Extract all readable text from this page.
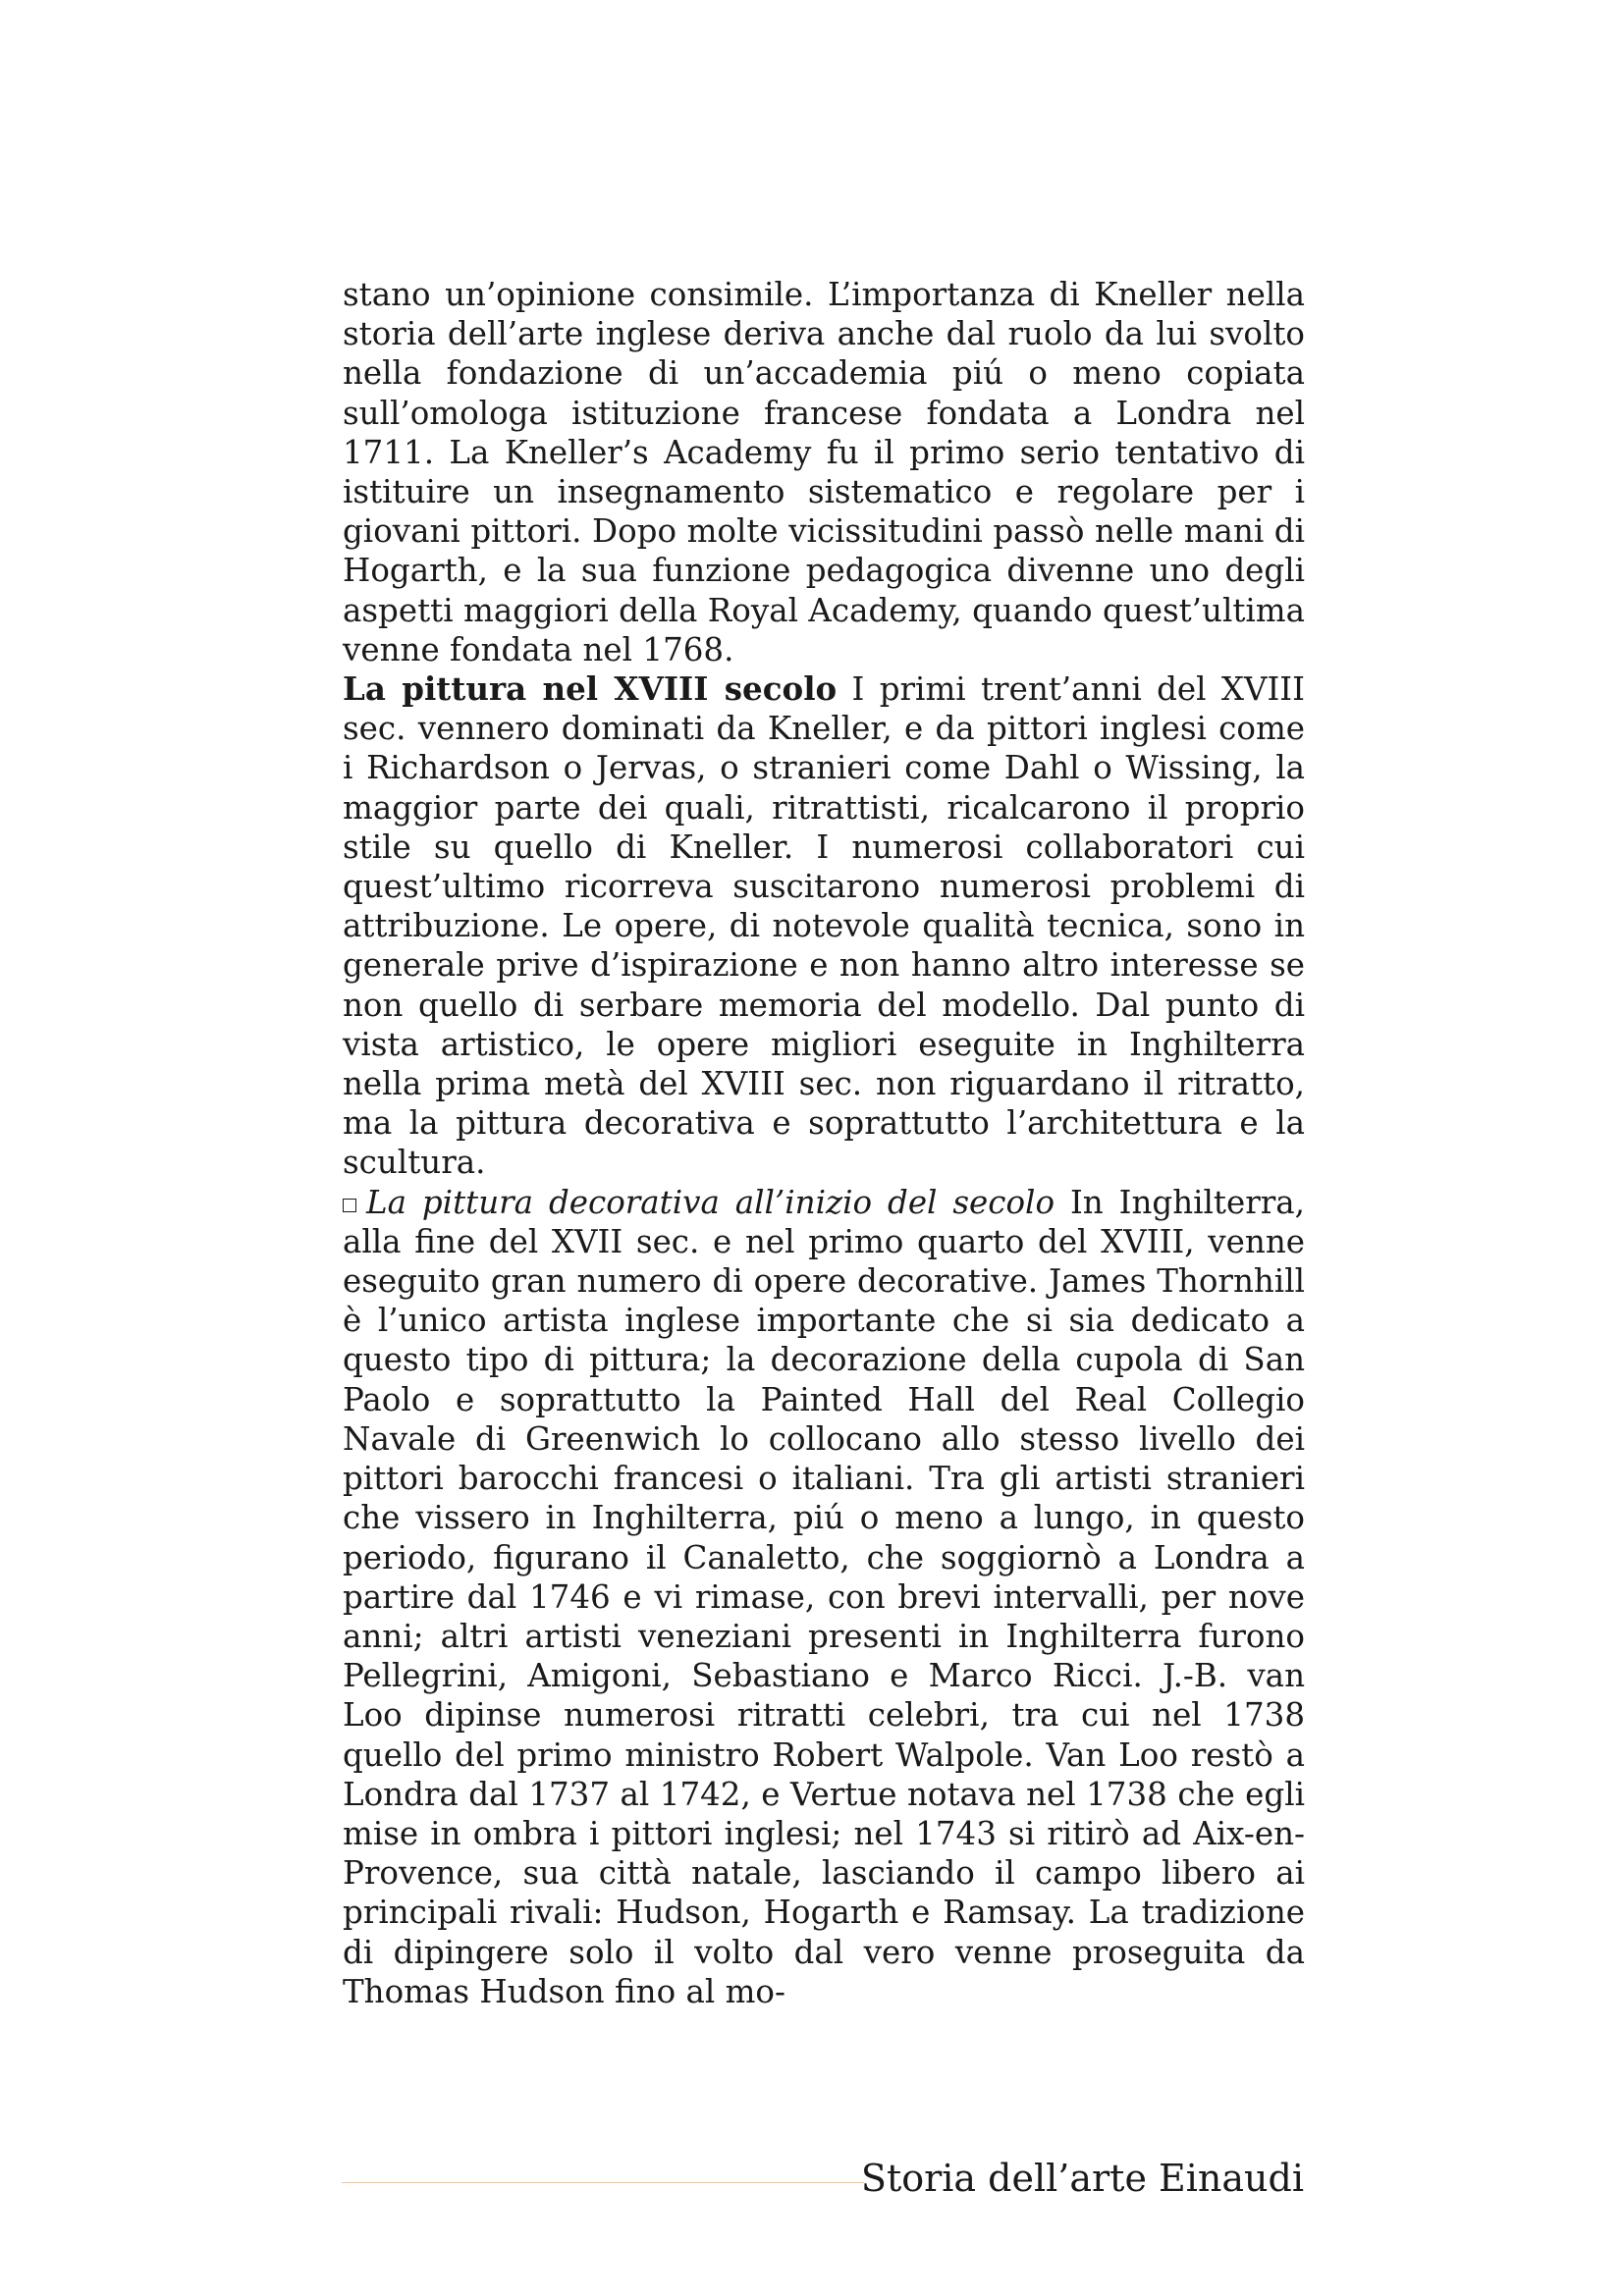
stano un’opinione consimile. L’importanza di Kneller nella storia dell’arte inglese deriva anche dal ruolo da lui svolto nella fondazione di un’accademia piú o meno copiata sull’omologa istituzione francese fondata a Londra nel 1711. La Kneller’s Academy fu il primo serio tentativo di istituire un insegnamento sistematico e regolare per i giovani pittori. Dopo molte vicissitudini passò nelle mani di Hogarth, e la sua funzione pedagogica divenne uno degli aspetti maggiori della Royal Academy, quando quest’ultima venne fondata nel 1768.

La pittura nel XVIII secolo I primi trent’anni del XVIII sec. vennero dominati da Kneller, e da pittori inglesi come i Richardson o Jervas, o stranieri come Dahl o Wissing, la maggior parte dei quali, ritrattisti, ricalcarono il proprio stile su quello di Kneller. I numerosi collaboratori cui quest’ultimo ricorreva suscitarono numerosi problemi di attribuzione. Le opere, di notevole qualità tecnica, sono in generale prive d’ispirazione e non hanno altro interesse se non quello di serbare memoria del modello. Dal punto di vista artistico, le opere migliori eseguite in Inghilterra nella prima metà del XVIII sec. non riguardano il ritratto, ma la pittura decorativa e soprattutto l’architettura e la scultura.

La pittura decorativa all’inizio del secolo In Inghilterra, alla fine del XVII sec. e nel primo quarto del XVIII, venne eseguito gran numero di opere decorative. James Thornhill è l’unico artista inglese importante che si sia dedicato a questo tipo di pittura; la decorazione della cupola di San Paolo e soprattutto la Painted Hall del Real Collegio Navale di Greenwich lo collocano allo stesso livello dei pittori barocchi francesi o italiani. Tra gli artisti stranieri che vissero in Inghilterra, piú o meno a lungo, in questo periodo, figurano il Canaletto, che soggiornò a Londra a partire dal 1746 e vi rimase, con brevi intervalli, per nove anni; altri artisti veneziani presenti in Inghilterra furono Pellegrini, Amigoni, Sebastiano e Marco Ricci. J.-B. van Loo dipinse numerosi ritratti celebri, tra cui nel 1738 quello del primo ministro Robert Walpole. Van Loo restò a Londra dal 1737 al 1742, e Vertue notava nel 1738 che egli mise in ombra i pittori inglesi; nel 1743 si ritirò ad Aix-en-Provence, sua città natale, lasciando il campo libero ai principali rivali: Hudson, Hogarth e Ramsay. La tradizione di dipingere solo il volto dal vero venne proseguita da Thomas Hudson fino al mo-

Storia dell’arte Einaudi
